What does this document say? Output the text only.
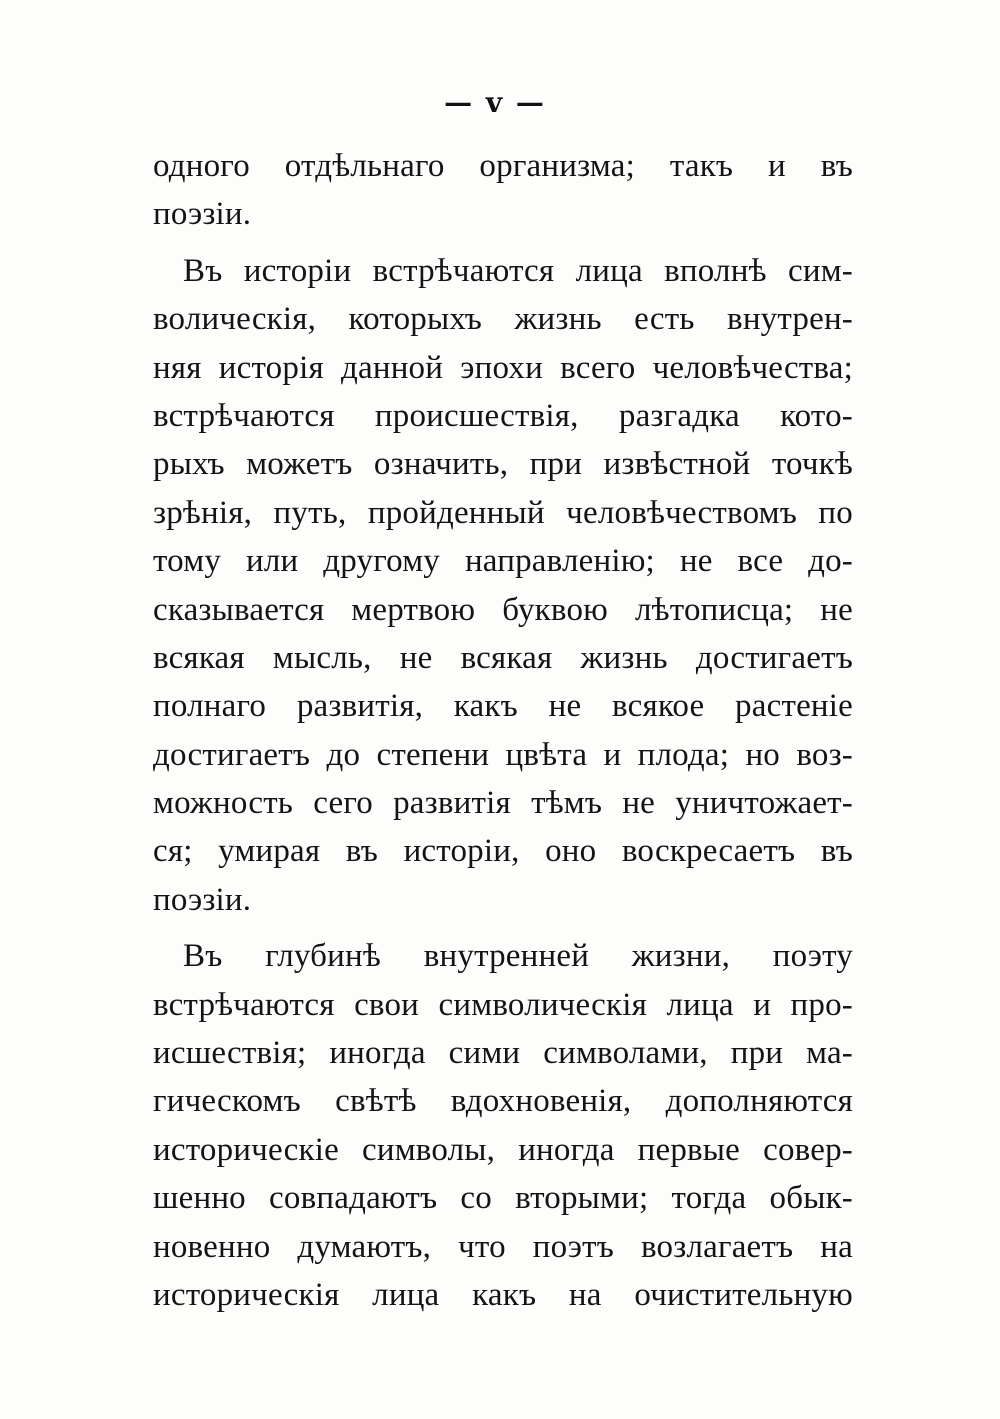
— v —
одного отдѣльнаго организма; такъ и въ
поэзіи.
Въ исторіи встрѣчаются лица вполнѣ сим-
волическія, которыхъ жизнь есть внутрен-
няя исторія данной эпохи всего человѣчества;
встрѣчаются происшествія, разгадка кото-
рыхъ можетъ означить, при извѣстной точкѣ
зрѣнія, путь, пройденный человѣчествомъ по
тому или другому направленію; не все до-
сказывается мертвою буквою лѣтописца; не
всякая мысль, не всякая жизнь достигаетъ
полнаго развитія, какъ не всякое растеніе
достигаетъ до степени цвѣта и плода; но воз-
можность сего развитія тѣмъ не уничтожает-
ся; умирая въ исторіи, оно воскресаетъ въ
поэзіи.
Въ глубинѣ внутренней жизни, поэту
встрѣчаются свои символическія лица и про-
исшествія; иногда сими символами, при ма-
гическомъ свѣтѣ вдохновенія, дополняются
историческіе символы, иногда первые совер-
шенно совпадаютъ со вторыми; тогда обык-
новенно думаютъ, что поэтъ возлагаетъ на
историческія лица какъ на очистительную
